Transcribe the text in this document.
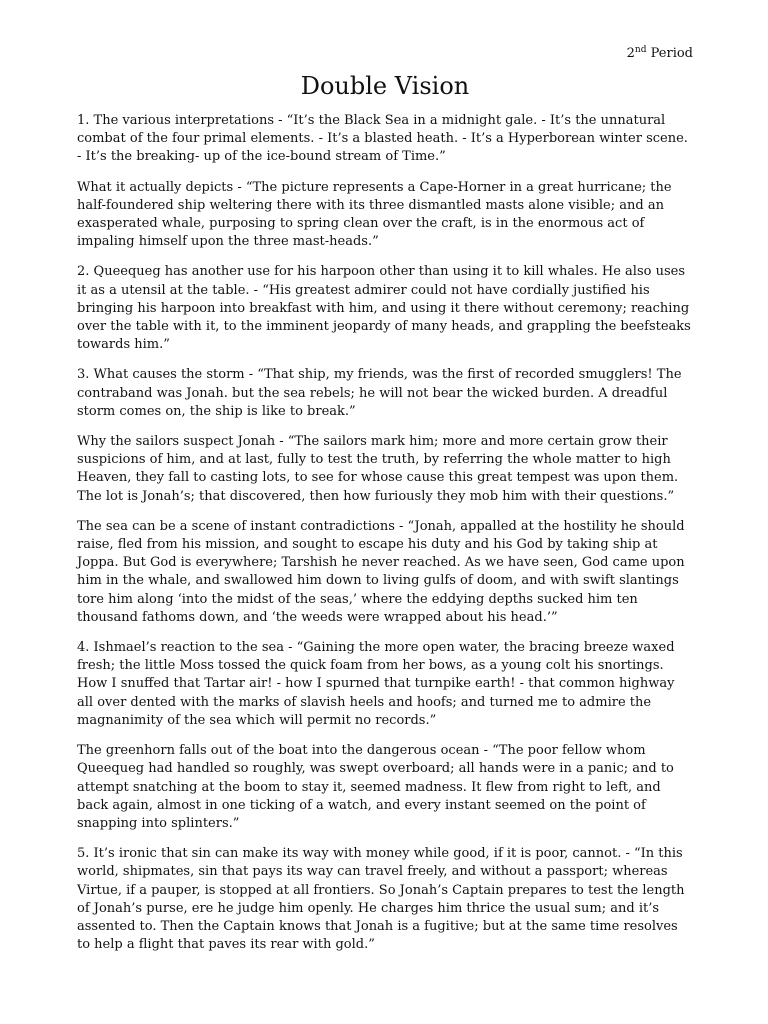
2nd Period
Double Vision

1. The various interpretations - “It’s the Black Sea in a midnight gale. - It’s the unnatural combat of the four primal elements. - It’s a blasted heath. - It’s a Hyperborean winter scene. - It’s the breaking- up of the ice-bound stream of Time.”

What it actually depicts - “The picture represents a Cape-Horner in a great hurricane; the half-foundered ship weltering there with its three dismantled masts alone visible; and an exasperated whale, purposing to spring clean over the craft, is in the enormous act of impaling himself upon the three mast-heads.”

2. Queequeg has another use for his harpoon other than using it to kill whales. He also uses it as a utensil at the table. - “His greatest admirer could not have cordially justified his bringing his harpoon into breakfast with him, and using it there without ceremony; reaching over the table with it, to the imminent jeopardy of many heads, and grappling the beefsteaks towards him.”

3. What causes the storm - “That ship, my friends, was the first of recorded smugglers! The contraband was Jonah. but the sea rebels; he will not bear the wicked burden. A dreadful storm comes on, the ship is like to break.”

Why the sailors suspect Jonah - “The sailors mark him; more and more certain grow their suspicions of him, and at last, fully to test the truth, by referring the whole matter to high Heaven, they fall to casting lots, to see for whose cause this great tempest was upon them. The lot is Jonah’s; that discovered, then how furiously they mob him with their questions.”

The sea can be a scene of instant contradictions - “Jonah, appalled at the hostility he should raise, fled from his mission, and sought to escape his duty and his God by taking ship at Joppa. But God is everywhere; Tarshish he never reached. As we have seen, God came upon him in the whale, and swallowed him down to living gulfs of doom, and with swift slantings tore him along ‘into the midst of the seas,’ where the eddying depths sucked him ten thousand fathoms down, and ‘the weeds were wrapped about his head.’”

4. Ishmael’s reaction to the sea - “Gaining the more open water, the bracing breeze waxed fresh; the little Moss tossed the quick foam from her bows, as a young colt his snortings. How I snuffed that Tartar air! - how I spurned that turnpike earth! - that common highway all over dented with the marks of slavish heels and hoofs; and turned me to admire the magnanimity of the sea which will permit no records.”

The greenhorn falls out of the boat into the dangerous ocean - “The poor fellow whom Queequeg had handled so roughly, was swept overboard; all hands were in a panic; and to attempt snatching at the boom to stay it, seemed madness. It flew from right to left, and back again, almost in one ticking of a watch, and every instant seemed on the point of snapping into splinters.”

5. It’s ironic that sin can make its way with money while good, if it is poor, cannot. - “In this world, shipmates, sin that pays its way can travel freely, and without a passport; whereas Virtue, if a pauper, is stopped at all frontiers. So Jonah’s Captain prepares to test the length of Jonah’s purse, ere he judge him openly. He charges him thrice the usual sum; and it’s assented to. Then the Captain knows that Jonah is a fugitive; but at the same time resolves to help a flight that paves its rear with gold.”
